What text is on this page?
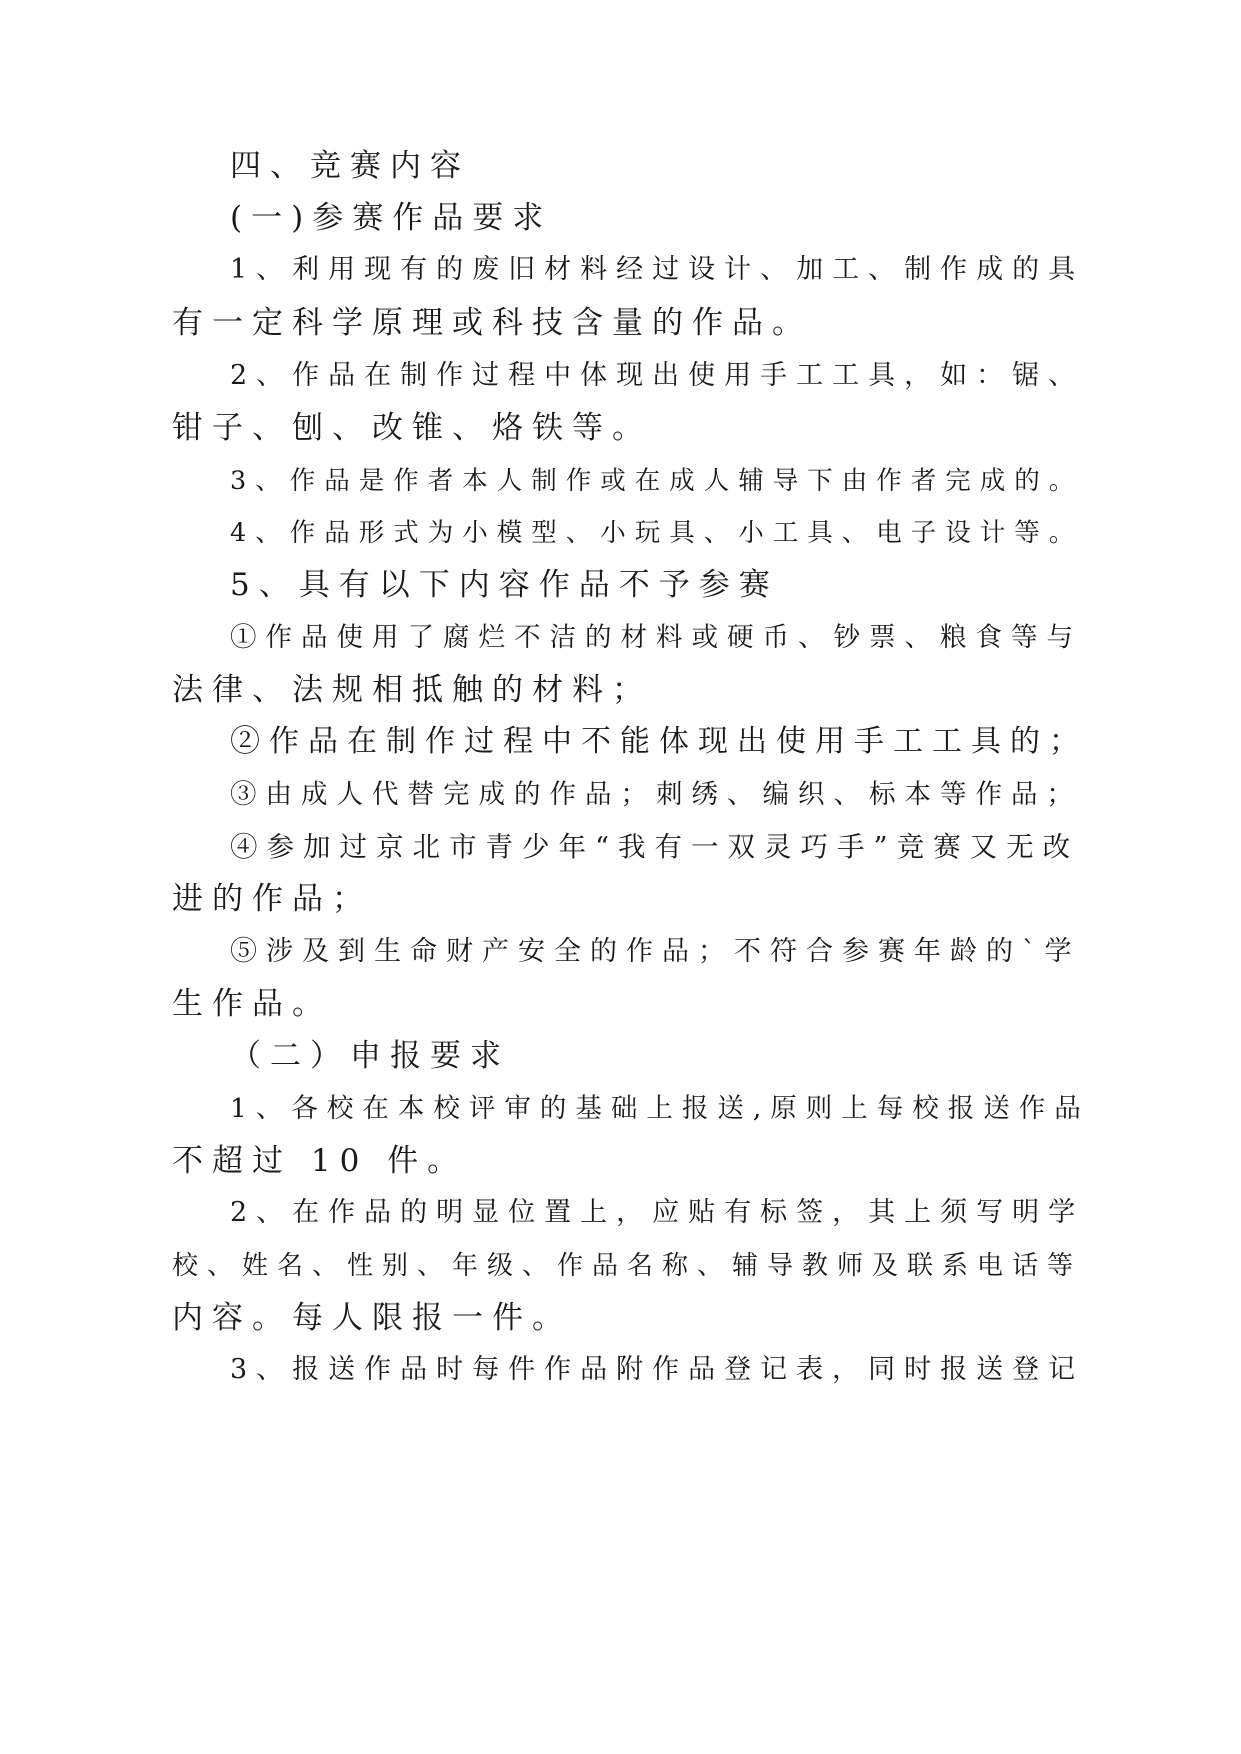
四、竞赛内容
(一)参赛作品要求
1、利用现有的废旧材料经过设计、加工、制作成的具
有一定科学原理或科技含量的作品。
2、作品在制作过程中体现出使用手工工具，如：锯、
钳子、刨、改锥、烙铁等。
3、作品是作者本人制作或在成人辅导下由作者完成的。
4、作品形式为小模型、小玩具、小工具、电子设计等。
5、具有以下内容作品不予参赛
①作品使用了腐烂不洁的材料或硬币、钞票、粮食等与
法律、法规相抵触的材料；
②作品在制作过程中不能体现出使用手工工具的；
③由成人代替完成的作品；刺绣、编织、标本等作品；
④参加过京北市青少年“我有一双灵巧手”竞赛又无改
进的作品；
⑤涉及到生命财产安全的作品；不符合参赛年龄的`学
生作品。
（二）申报要求
1、各校在本校评审的基础上报送,原则上每校报送作品
不超过 10 件。
2、在作品的明显位置上，应贴有标签，其上须写明学
校、姓名、性别、年级、作品名称、辅导教师及联系电话等
内容。每人限报一件。
3、报送作品时每件作品附作品登记表，同时报送登记
